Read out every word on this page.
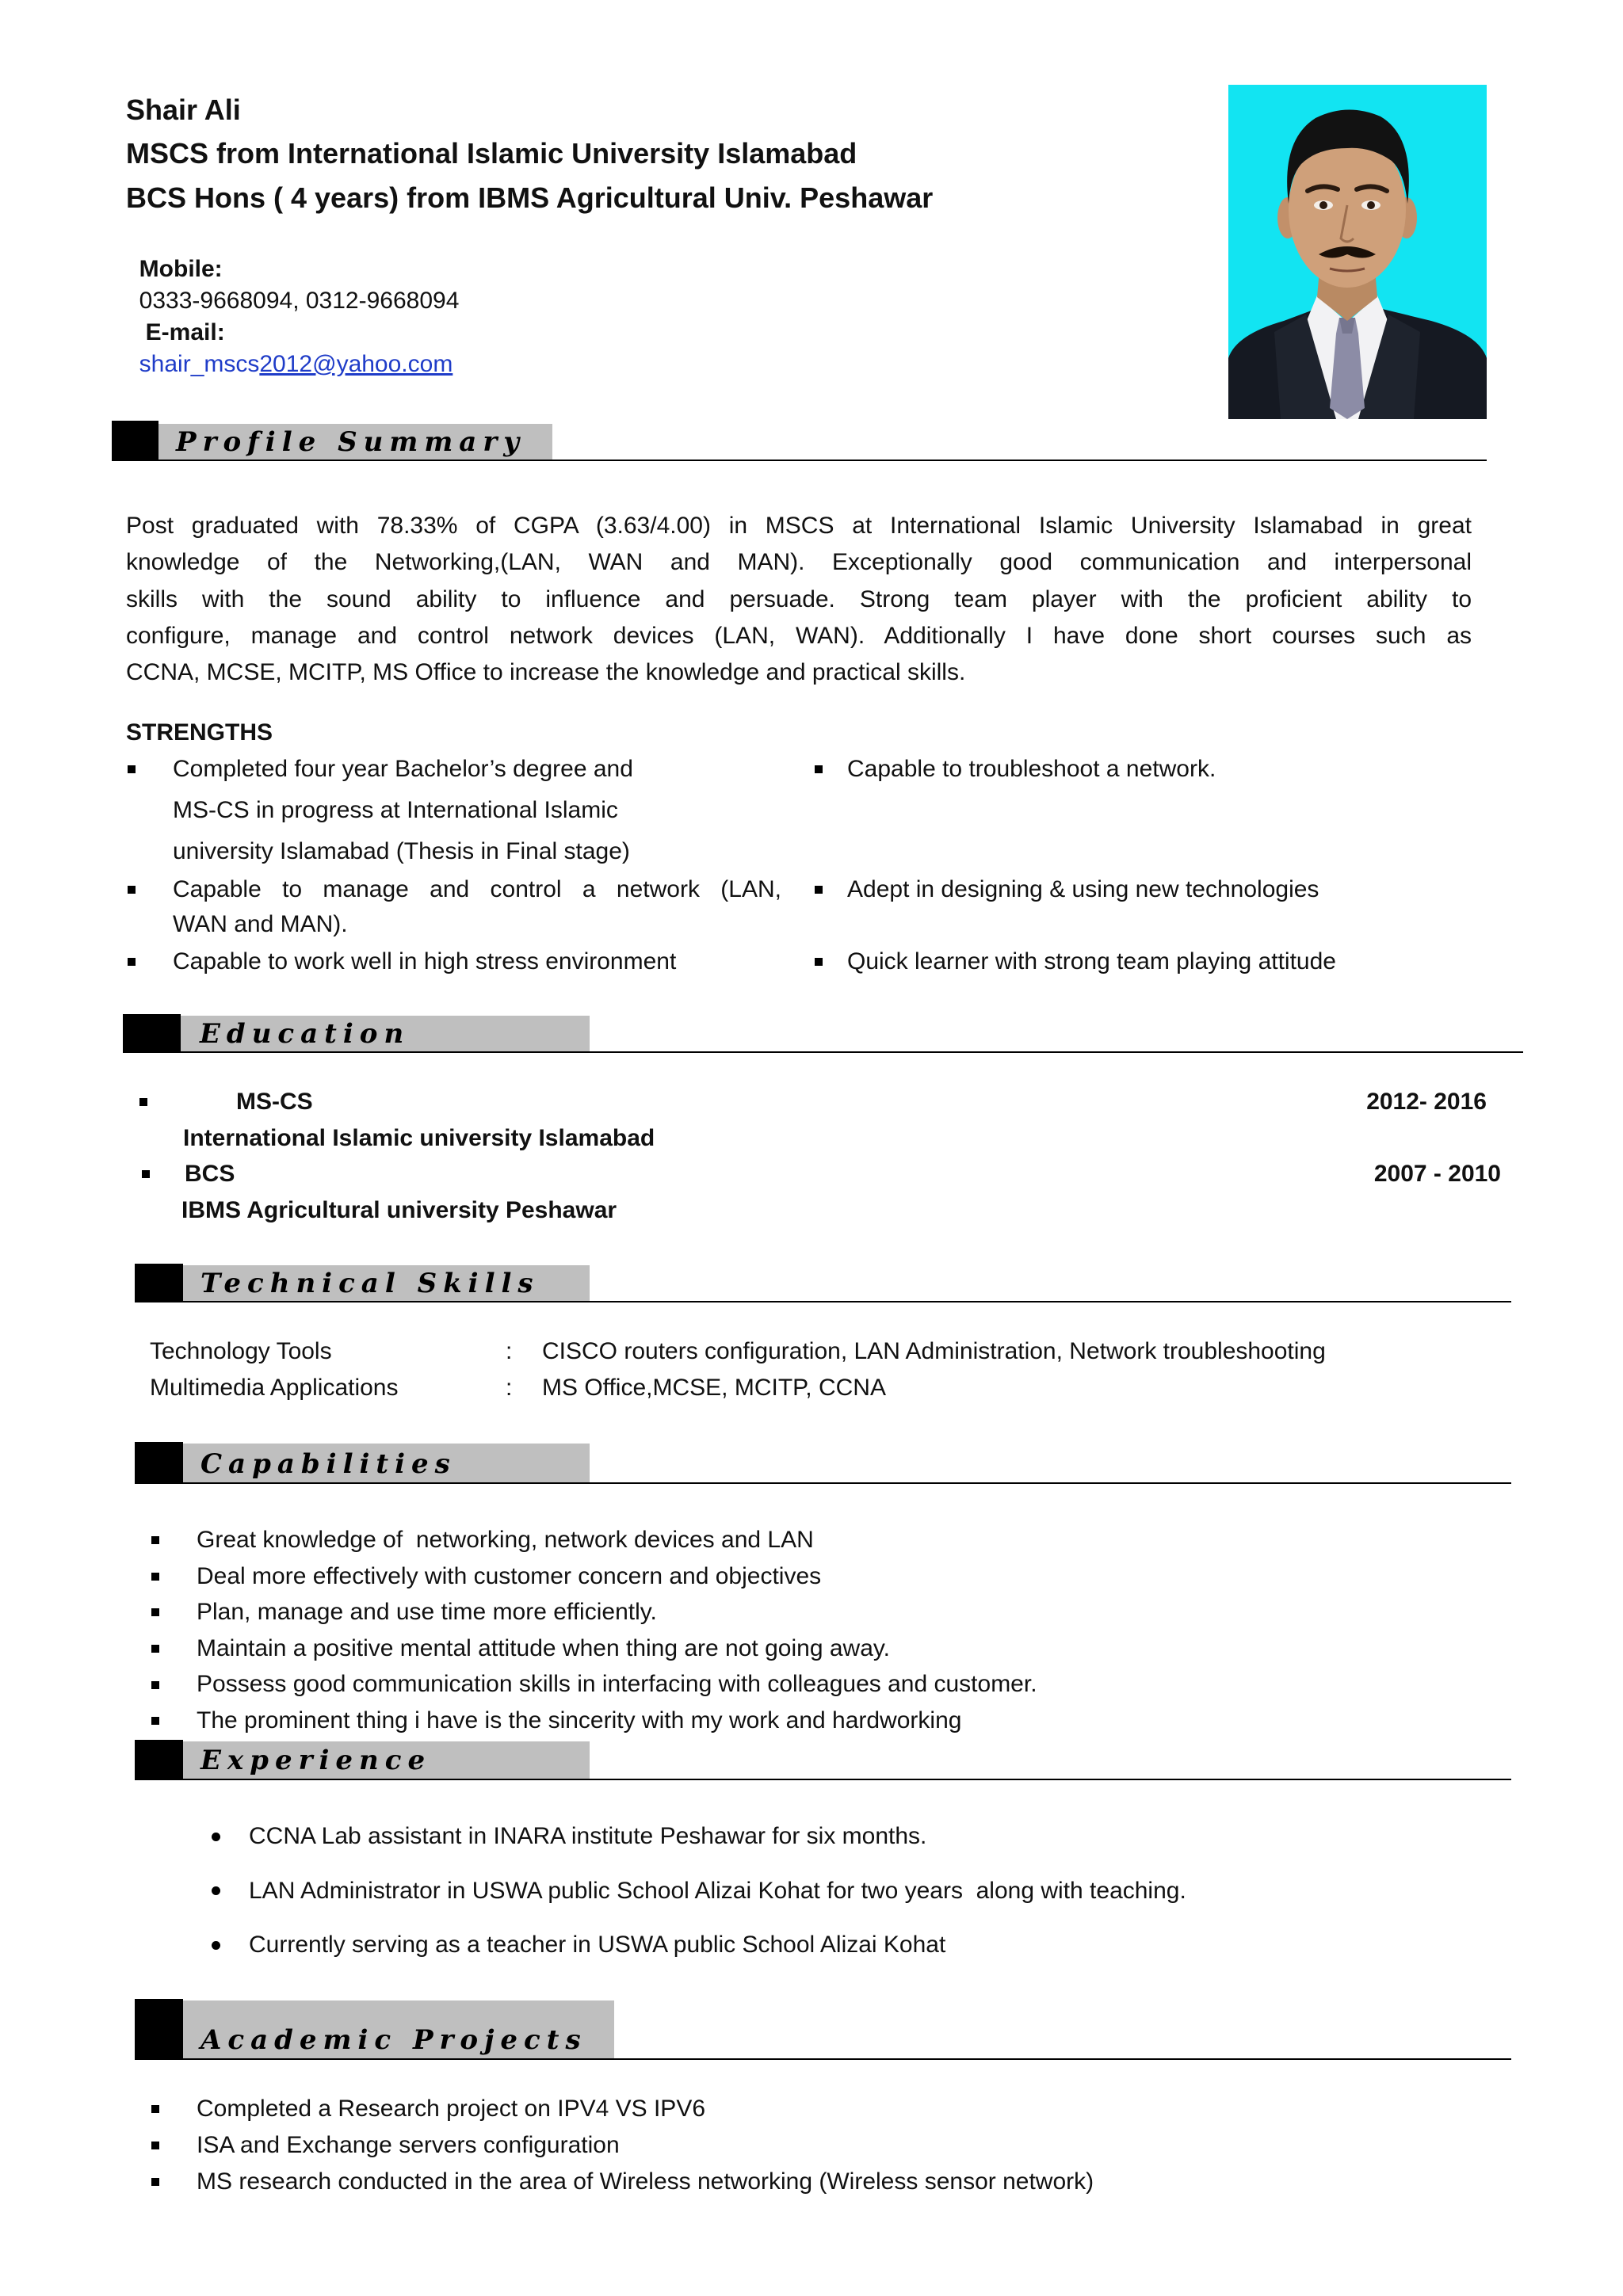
Shair Ali
MSCS from International Islamic University Islamabad
BCS Hons ( 4 years) from IBMS Agricultural Univ. Peshawar

Mobile:
0333-9668094, 0312-9668094
E-mail:
shair_mscs2012@yahoo.com

Profile Summary
Post graduated with 78.33% of CGPA (3.63/4.00) in MSCS at International Islamic University Islamabad in great
knowledge of the Networking,(LAN, WAN and MAN). Exceptionally good communication and interpersonal
skills with the sound ability to influence and persuade. Strong team player with the proficient ability to
configure, manage and control network devices (LAN, WAN). Additionally I have done short courses such as
CCNA, MCSE, MCITP, MS Office to increase the knowledge and practical skills.
STRENGTHS
Completed four year Bachelor’s degree and
MS-CS in progress at International Islamic
university Islamabad (Thesis in Final stage)
Capable to manage and control a network (LAN,
WAN and MAN).
Capable to work well in high stress environment
Capable to troubleshoot a network.
Adept in designing & using new technologies
Quick learner with strong team playing attitude
Education
MS-CS	2012- 2016
International Islamic university Islamabad
BCS	2007 - 2010
IBMS Agricultural university Peshawar
Technical Skills
Technology Tools	: CISCO routers configuration, LAN Administration, Network troubleshooting
Multimedia Applications	: MS Office,MCSE, MCITP, CCNA
Capabilities
Great knowledge of  networking, network devices and LAN
Deal more effectively with customer concern and objectives
Plan, manage and use time more efficiently.
Maintain a positive mental attitude when thing are not going away.
Possess good communication skills in interfacing with colleagues and customer.
The prominent thing i have is the sincerity with my work and hardworking
Experience
CCNA Lab assistant in INARA institute Peshawar for six months.
LAN Administrator in USWA public School Alizai Kohat for two years  along with teaching.
Currently serving as a teacher in USWA public School Alizai Kohat
Academic Projects
Completed a Research project on IPV4 VS IPV6
ISA and Exchange servers configuration
MS research conducted in the area of Wireless networking (Wireless sensor network)
